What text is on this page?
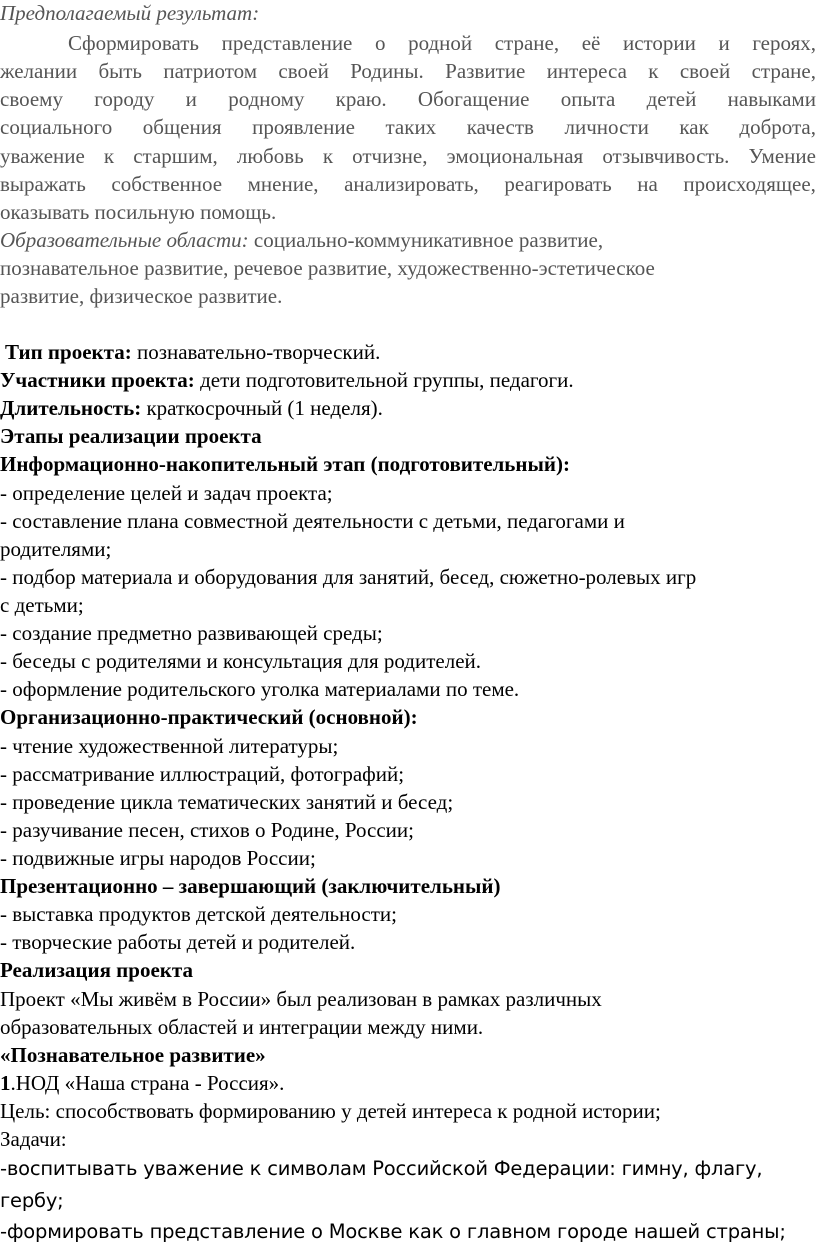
Предполагаемый результат:
Сформировать представление о родной стране, её истории и героях,
желании быть патриотом своей Родины. Развитие интереса к своей стране,
своему городу и родному краю. Обогащение опыта детей навыками
социального общения проявление таких качеств личности как доброта,
уважение к старшим, любовь к отчизне, эмоциональная отзывчивость. Умение
выражать собственное мнение, анализировать, реагировать на происходящее,
оказывать посильную помощь.
Образовательные области: социально-коммуникативное развитие,
познавательное развитие, речевое развитие, художественно-эстетическое
развитие, физическое развитие.
Тип проекта: познавательно-творческий.
Участники проекта: дети подготовительной группы, педагоги.
Длительность: краткосрочный (1 неделя).
Этапы реализации проекта
Информационно-накопительный этап (подготовительный):
- определение целей и задач проекта;
- составление плана совместной деятельности с детьми, педагогами и
родителями;
- подбор материала и оборудования для занятий, бесед, сюжетно-ролевых игр
с детьми;
- создание предметно развивающей среды;
- беседы с родителями и консультация для родителей.
- оформление родительского уголка материалами по теме.
Организационно-практический (основной):
- чтение художественной литературы;
- рассматривание иллюстраций, фотографий;
- проведение цикла тематических занятий и бесед;
- разучивание песен, стихов о Родине, России;
- подвижные игры народов России;
Презентационно – завершающий (заключительный)
- выставка продуктов детской деятельности;
- творческие работы детей и родителей.
Реализация проекта
Проект «Мы живём в России» был реализован в рамках различных
образовательных областей и интеграции между ними.
«Познавательное развитие»
1.НОД «Наша страна - Россия».
Цель: способствовать формированию у детей интереса к родной истории;
Задачи:
-воспитывать уважение к символам Российской Федерации: гимну, флагу,
гербу;
-формировать представление о Москве как о главном городе нашей страны;
